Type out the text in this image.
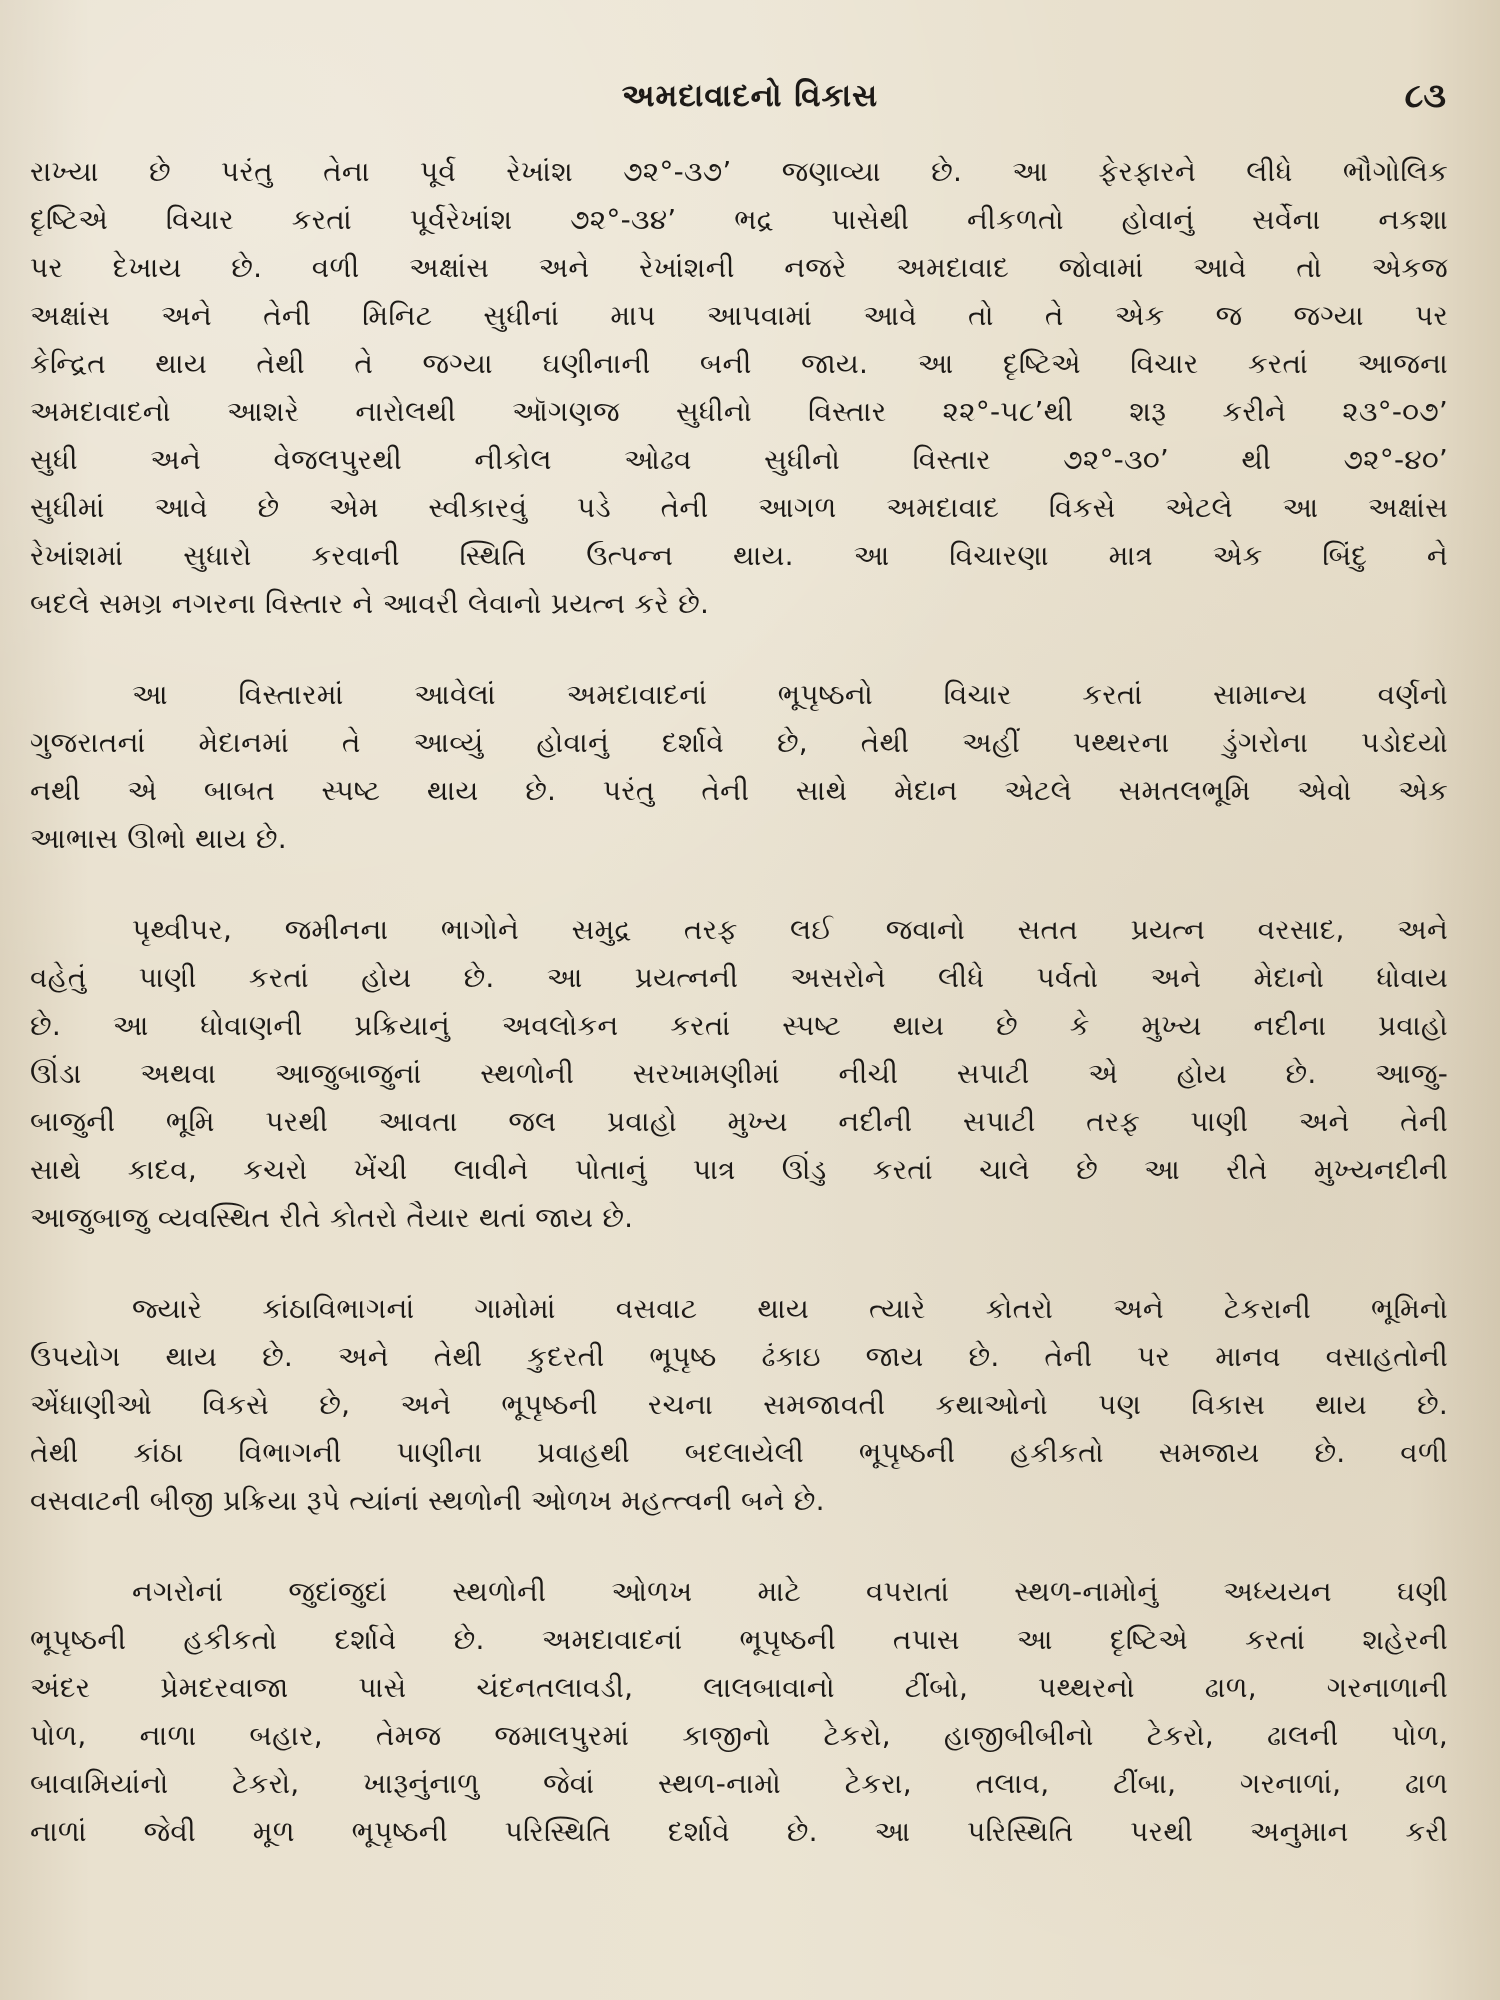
અમદાવાદનો વિકાસ	૮૩
રાખ્યા છે પરંતુ તેના પૂર્વ રેખાંશ ૭૨°-૩૭’ જણાવ્યા છે. આ ફેરફારને લીધે ભૌગોલિક
દૃષ્ટિએ વિચાર કરતાં પૂર્વરેખાંશ ૭૨°-૩૪’ ભદ્ર પાસેથી નીકળતો હોવાનું સર્વેના નકશા
પર દેખાય છે. વળી અક્ષાંસ અને રેખાંશની નજરે અમદાવાદ જોવામાં આવે તો એકજ
અક્ષાંસ અને તેની મિનિટ સુધીનાં માપ આપવામાં આવે તો તે એક જ જગ્યા પર
કેન્દ્રિત થાય તેથી તે જગ્યા ઘણીનાની બની જાય. આ દૃષ્ટિએ વિચાર કરતાં આજના
અમદાવાદનો આશરે નારોલથી ઑગણજ સુધીનો વિસ્તાર ૨૨°-૫૮’થી શરૂ કરીને ૨૩°-૦૭’
સુધી અને વેજલપુરથી નીકોલ ઓઢવ સુધીનો વિસ્તાર ૭૨°-૩૦’ થી ૭૨°-૪૦’
સુધીમાં આવે છે એમ સ્વીકારવું પડે તેની આગળ અમદાવાદ વિકસે એટલે આ અક્ષાંસ
રેખાંશમાં સુધારો કરવાની સ્થિતિ ઉત્પન્ન થાય. આ વિચારણા માત્ર એક બિંદુ ને
બદલે સમગ્ર નગરના વિસ્તાર ને આવરી લેવાનો પ્રયત્ન કરે છે.
આ વિસ્તારમાં આવેલાં અમદાવાદનાં ભૂપૃષ્ઠનો વિચાર કરતાં સામાન્ય વર્ણનો
ગુજરાતનાં મેદાનમાં તે આવ્યું હોવાનું દર્શાવે છે, તેથી અહીં પથ્થરના ડુંગરોના પડોદયો
નથી એ બાબત સ્પષ્ટ થાય છે. પરંતુ તેની સાથે મેદાન એટલે સમતલભૂમિ એવો એક
આભાસ ઊભો થાય છે.
પૃથ્વીપર, જમીનના ભાગોને સમુદ્ર તરફ લઈ જવાનો સતત પ્રયત્ન વરસાદ, અને
વહેતું પાણી કરતાં હોય છે. આ પ્રયત્નની અસરોને લીધે પર્વતો અને મેદાનો ધોવાય
છે. આ ધોવાણની પ્રક્રિયાનું અવલોકન કરતાં સ્પષ્ટ થાય છે કે મુખ્ય નદીના પ્રવાહો
ઊંડા અથવા આજુબાજુનાં સ્થળોની સરખામણીમાં નીચી સપાટી એ હોય છે. આજુ-
બાજુની ભૂમિ પરથી આવતા જલ પ્રવાહો મુખ્ય નદીની સપાટી તરફ પાણી અને તેની
સાથે કાદવ, કચરો ખેંચી લાવીને પોતાનું પાત્ર ઊંડુ કરતાં ચાલે છે આ રીતે મુખ્યનદીની
આજુબાજુ વ્યવસ્થિત રીતે કોતરો તૈયાર થતાં જાય છે.
જ્યારે કાંઠાવિભાગનાં ગામોમાં વસવાટ થાય ત્યારે કોતરો અને ટેકરાની ભૂમિનો
ઉપયોગ થાય છે. અને તેથી કુદરતી ભૂપૃષ્ઠ ઢંકાઇ જાય છે. તેની પર માનવ વસાહતોની
એંધાણીઓ વિકસે છે, અને ભૂપૃષ્ઠની રચના સમજાવતી કથાઓનો પણ વિકાસ થાય છે.
તેથી કાંઠા વિભાગની પાણીના પ્રવાહથી બદલાયેલી ભૂપૃષ્ઠની હકીકતો સમજાય છે. વળી
વસવાટની બીજી પ્રક્રિયા રૂપે ત્યાંનાં સ્થળોની ઓળખ મહત્ત્વની બને છે.
નગરોનાં જુદાંજુદાં સ્થળોની ઓળખ માટે વપરાતાં સ્થળ-નામોનું અધ્યયન ઘણી
ભૂપૃષ્ઠની હકીકતો દર્શાવે છે. અમદાવાદનાં ભૂપૃષ્ઠની તપાસ આ દૃષ્ટિએ કરતાં શહેરની
અંદર પ્રેમદરવાજા પાસે ચંદનતલાવડી, લાલબાવાનો ટીંબો, પથ્થરનો ઢાળ, ગરનાળાની
પોળ, નાળા બહાર, તેમજ જમાલપુરમાં કાજીનો ટેકરો, હાજીબીબીનો ટેકરો, ઢાલની પોળ,
બાવામિયાંનો ટેકરો, ખારૂનુંનાળુ જેવાં સ્થળ-નામો ટેકરા, તલાવ, ટીંબા, ગરનાળાં, ઢાળ
નાળાં જેવી મૂળ ભૂપૃષ્ઠની પરિસ્થિતિ દર્શાવે છે. આ પરિસ્થિતિ પરથી અનુમાન કરી
